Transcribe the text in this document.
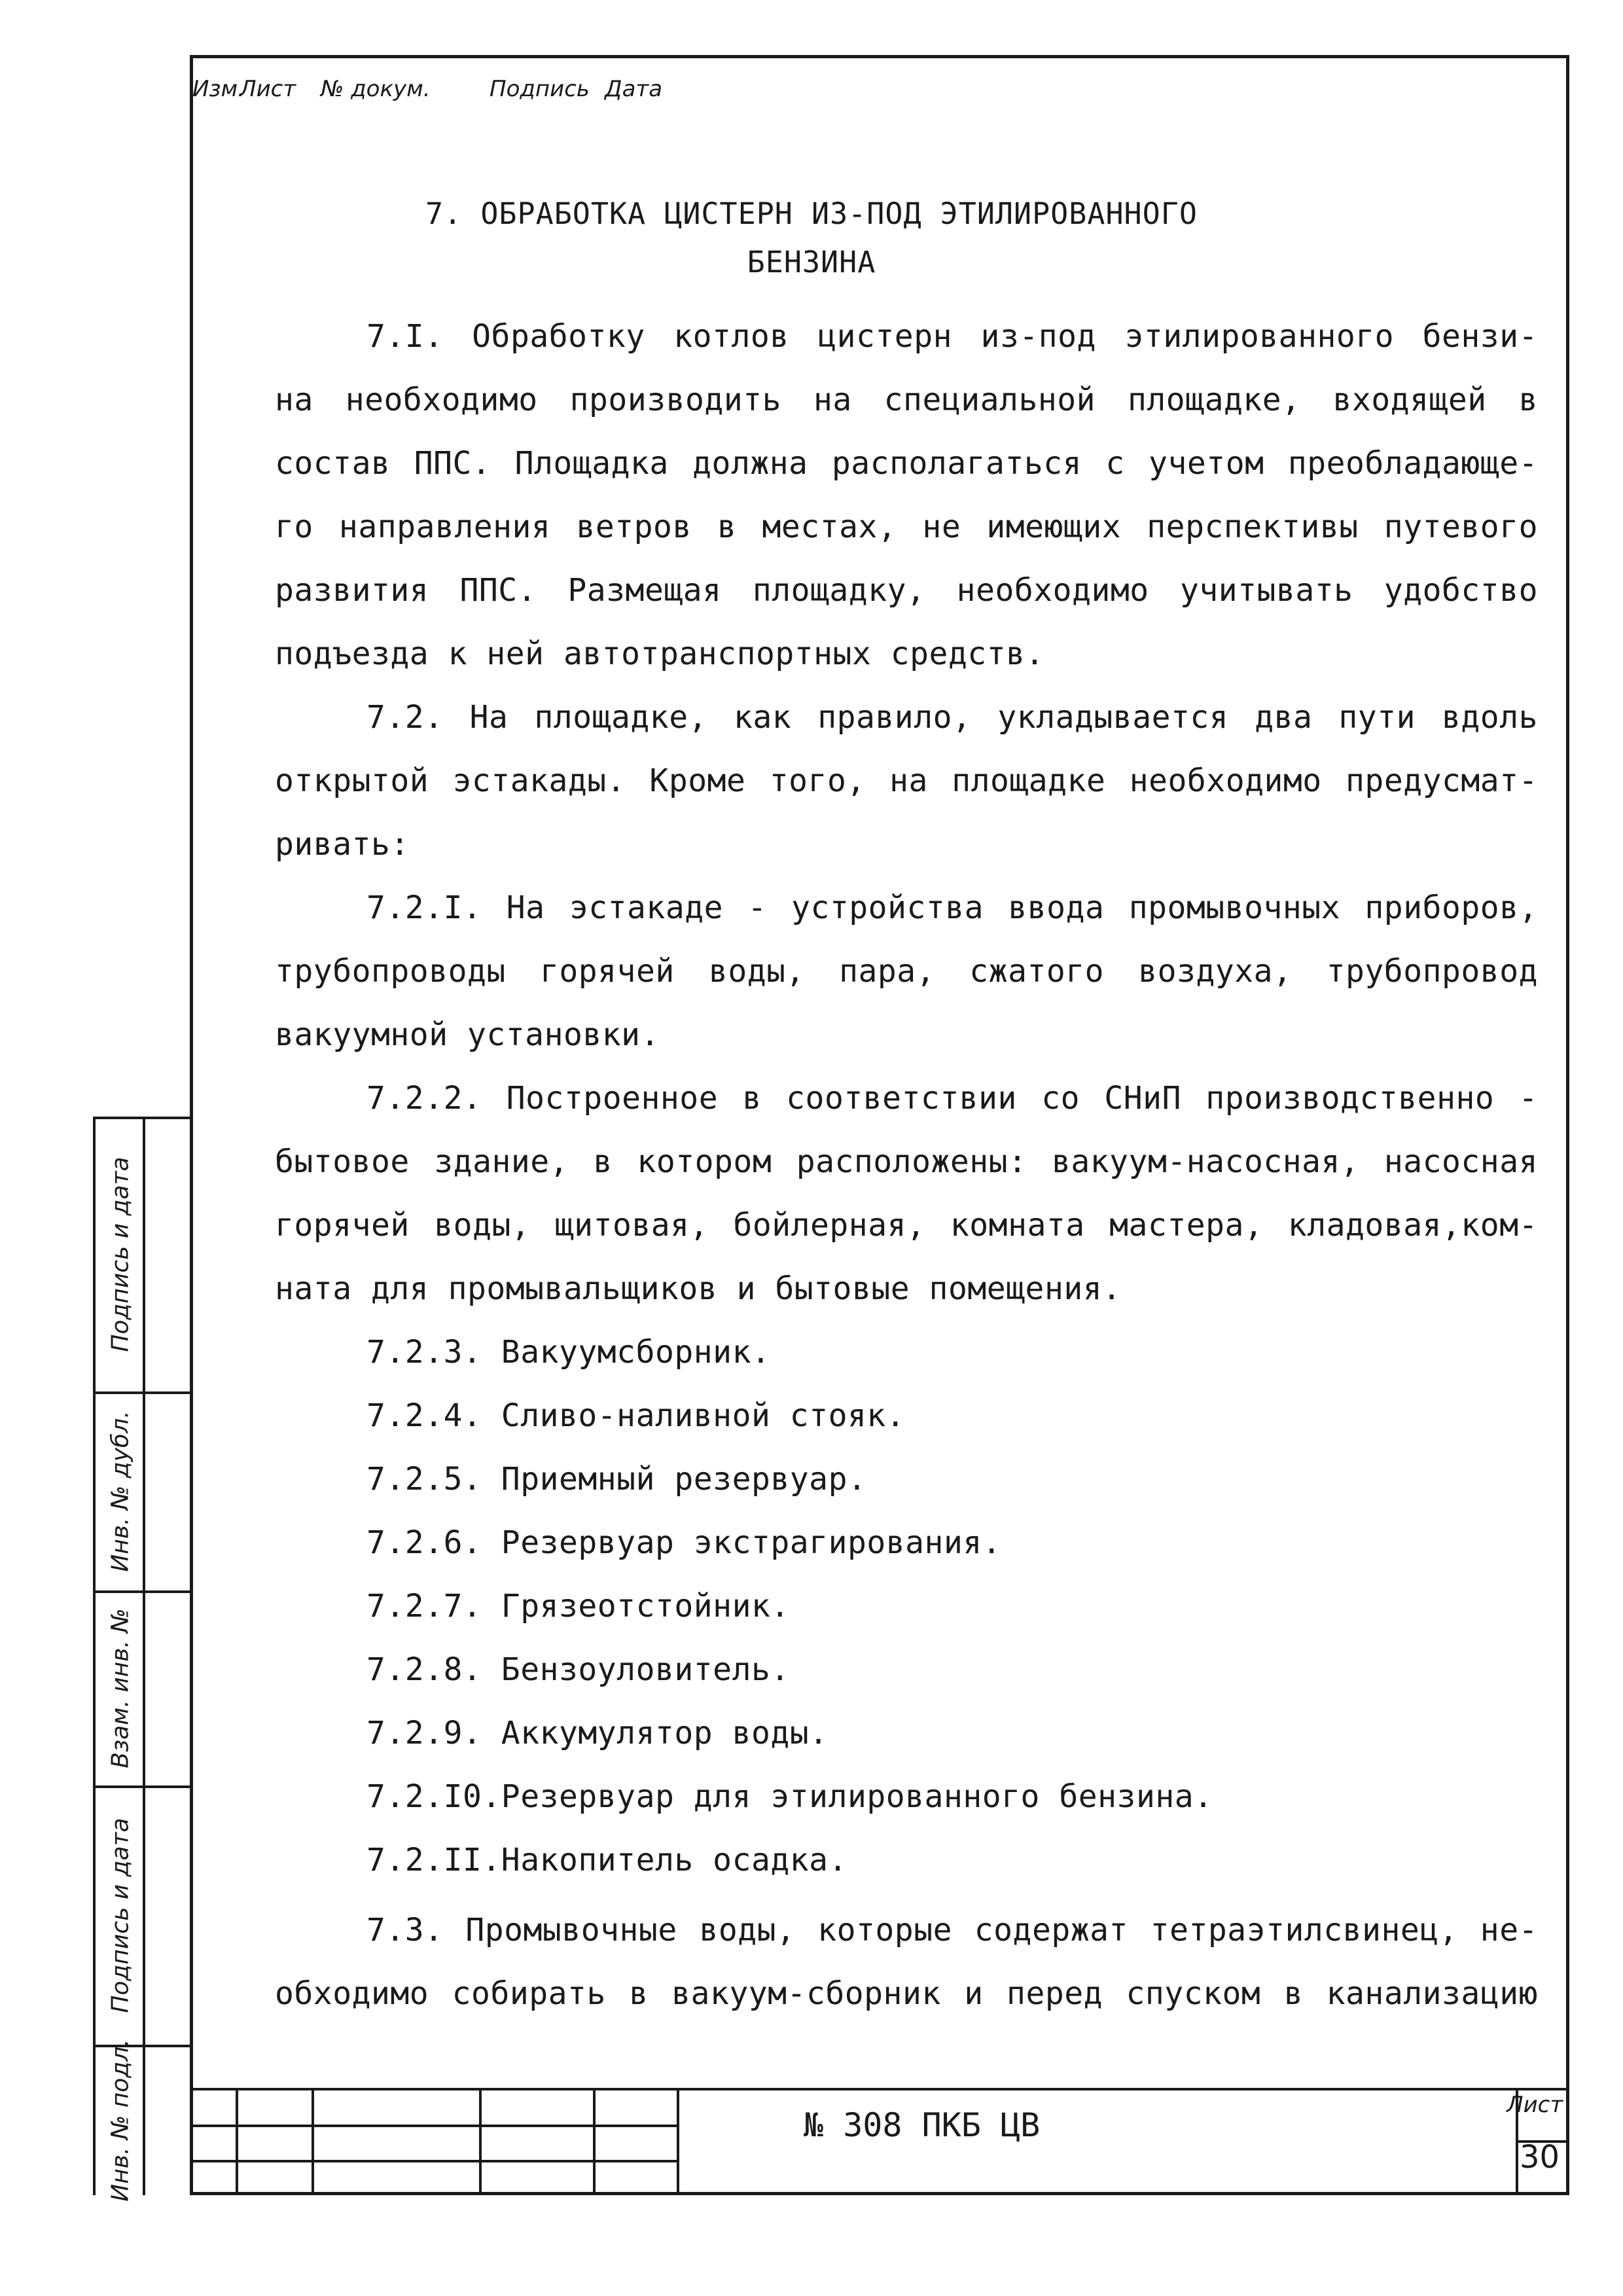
7. ОБРАБОТКА ЦИСТЕРН ИЗ-ПОД ЭТИЛИРОВАННОГО
БЕНЗИНА
7.I. Обработку котлов цистерн из-под этилированного бензи-
на необходимо производить на специальной площадке, входящей в
состав ППС. Площадка должна располагаться с учетом преобладающе-
го направления ветров в местах, не имеющих перспективы путевого
развития ППС. Размещая площадку, необходимо учитывать удобство
подъезда к ней автотранспортных средств.
7.2. На площадке, как правило, укладывается два пути вдоль
открытой эстакады. Кроме того, на площадке необходимо предусмат-
ривать:
7.2.I. На эстакаде - устройства ввода промывочных приборов,
трубопроводы горячей воды, пара, сжатого воздуха, трубопровод
вакуумной установки.
7.2.2. Построенное в соответствии со СНиП производственно -
бытовое здание, в котором расположены: вакуум-насосная, насосная
горячей воды, щитовая, бойлерная, комната мастера, кладовая,ком-
ната для промывальщиков и бытовые помещения.
7.2.3. Вакуумсборник.
7.2.4. Сливо-наливной стояк.
7.2.5. Приемный резервуар.
7.2.6. Резервуар экстрагирования.
7.2.7. Грязеотстойник.
7.2.8. Бензоуловитель.
7.2.9. Аккумулятор воды.
7.2.I0.Резервуар для этилированного бензина.
7.2.II.Накопитель осадка.
7.3. Промывочные воды, которые содержат тетраэтилсвинец, не-
обходимо собирать в вакуум-сборник и перед спуском в канализацию
Подпись и дата
Инв. № дубл.
Взам. инв. №
Подпись и дата
Инв. № подл.
Изм.
Лист № докум.	Подпись Дата
№ 308 ПКБ ЦВ
Лист
30
